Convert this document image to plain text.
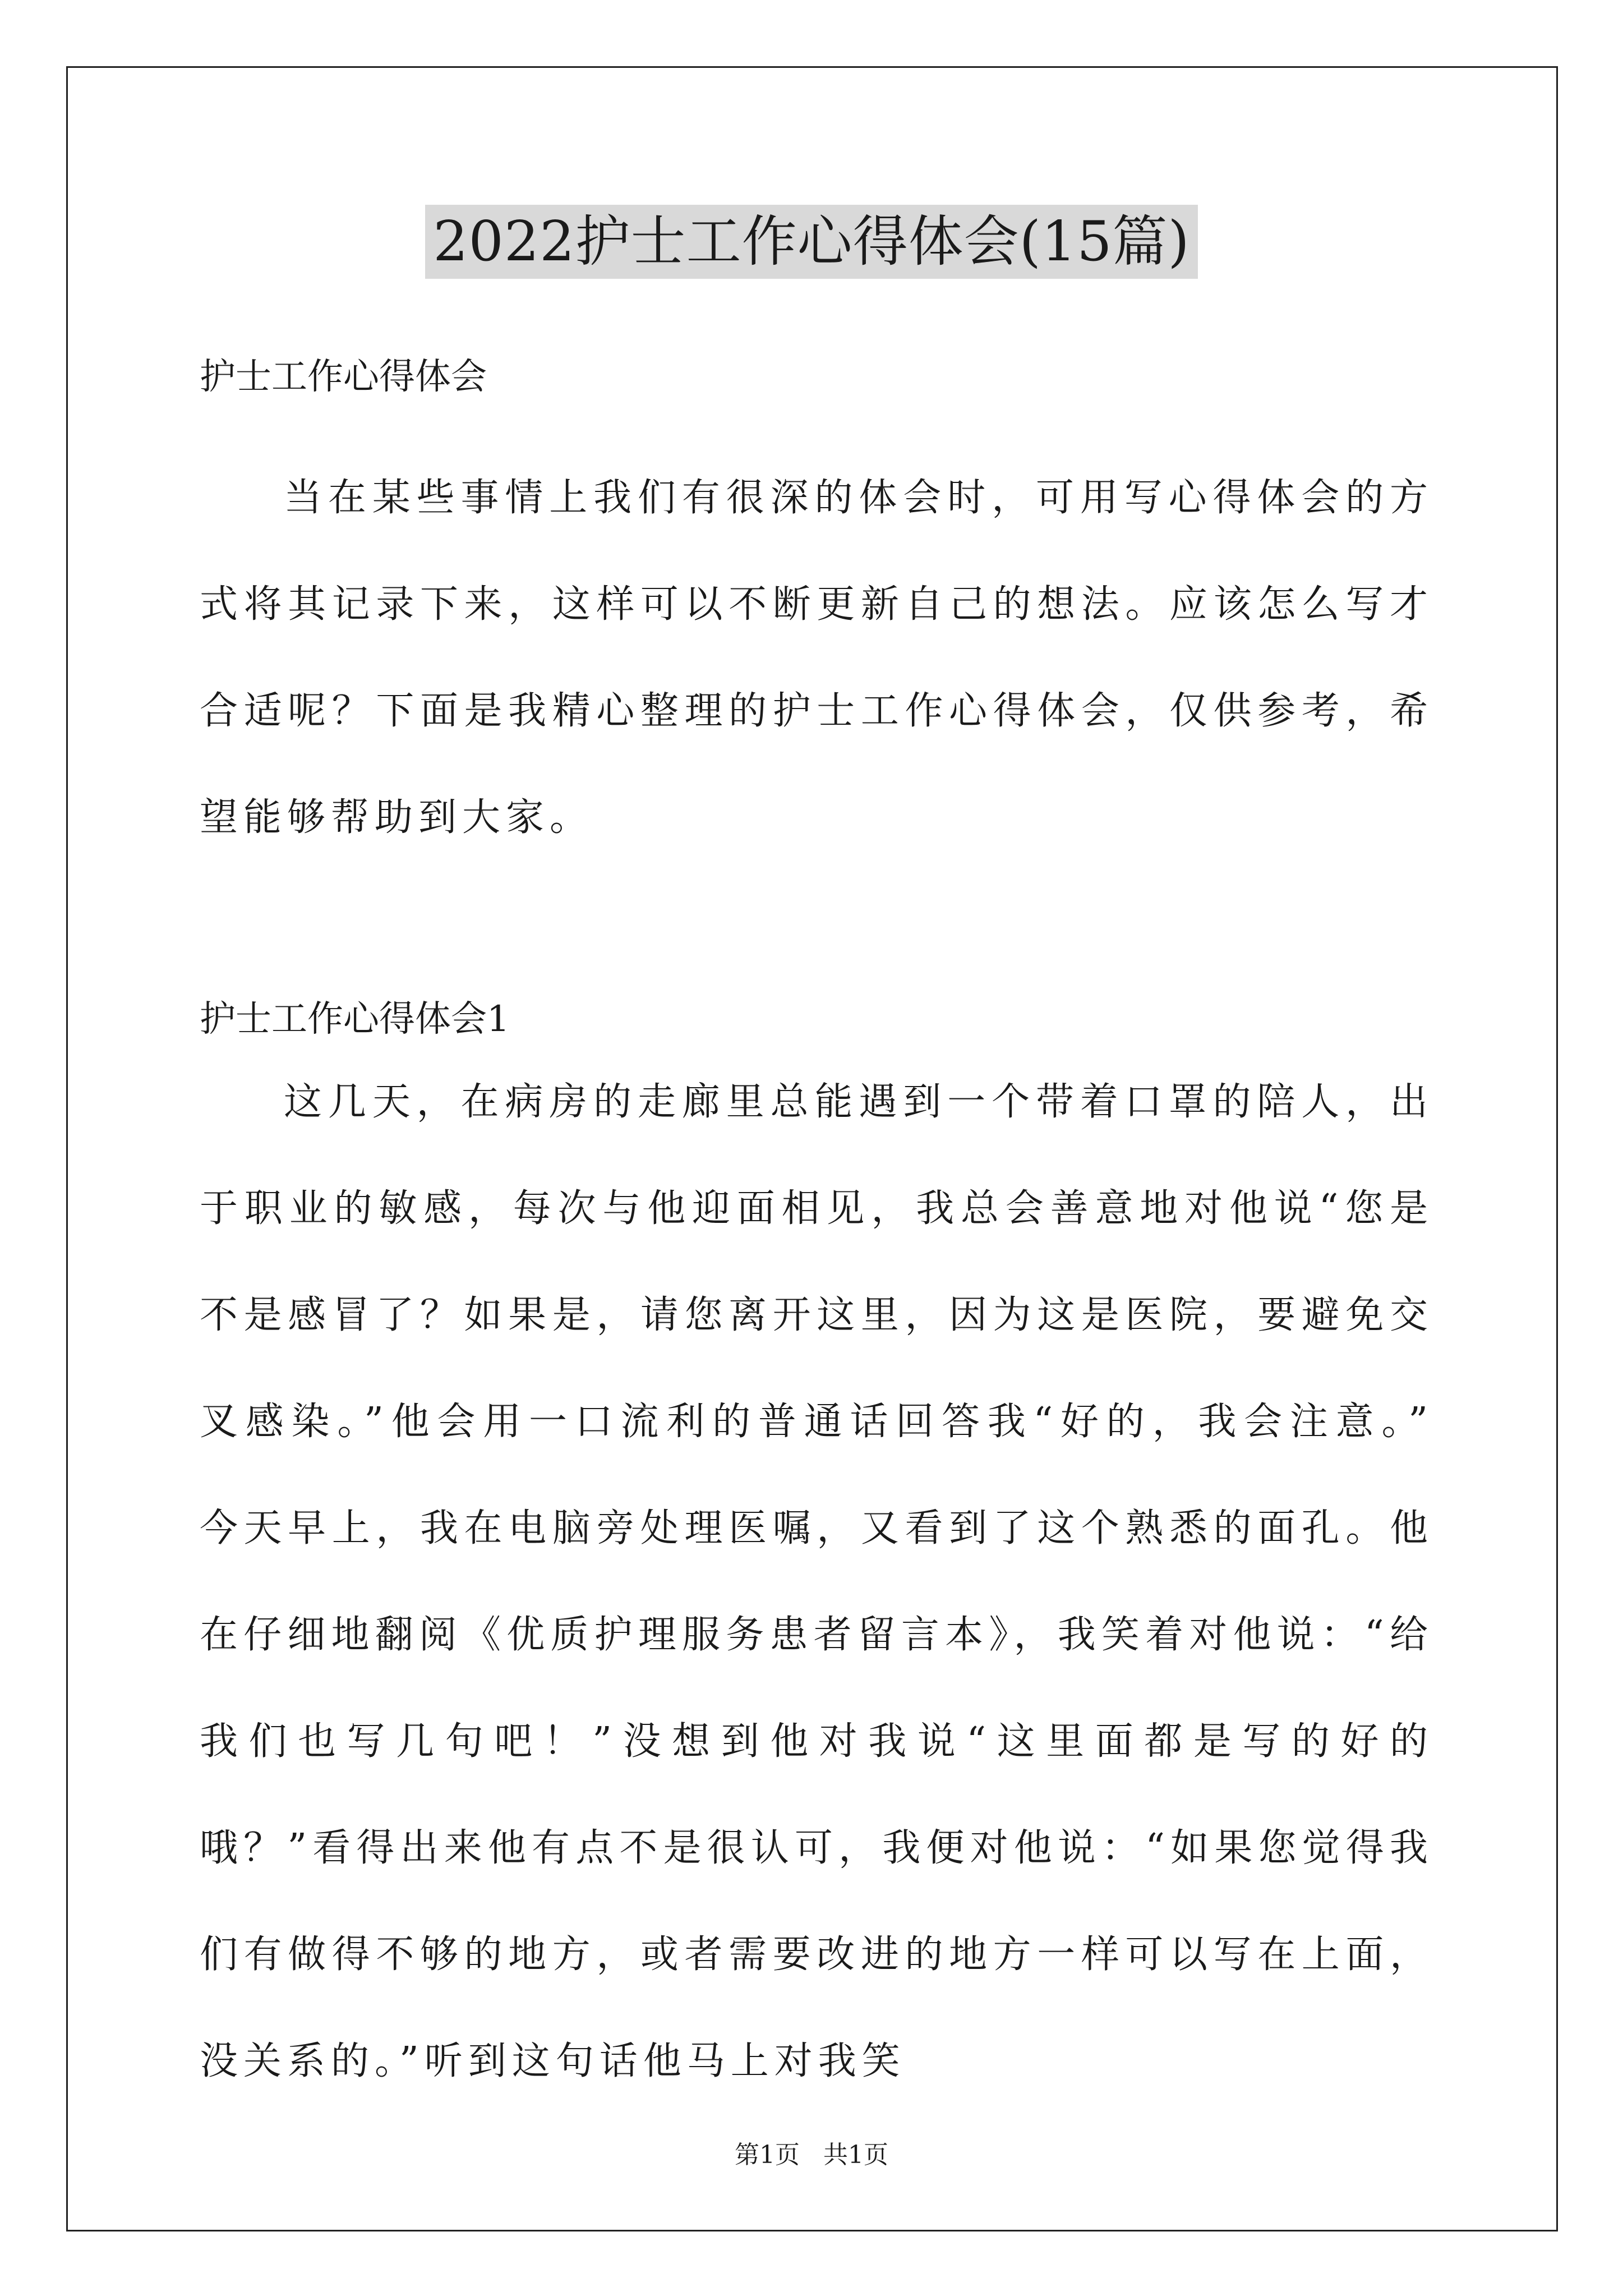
2022护士工作心得体会(15篇)
护士工作心得体会
当在某些事情上我们有很深的体会时，可用写心得体会的方式将其记录下来，这样可以不断更新自己的想法。应该怎么写才合适呢？下面是我精心整理的护士工作心得体会，仅供参考，希望能够帮助到大家。
护士工作心得体会1
这几天，在病房的走廊里总能遇到一个带着口罩的陪人，出于职业的敏感，每次与他迎面相见，我总会善意地对他说“您是不是感冒了？如果是，请您离开这里，因为这是医院，要避免交叉感染。”他会用一口流利的普通话回答我“好的，我会注意。”　今天早上，我在电脑旁处理医嘱，又看到了这个熟悉的面孔。他在仔细地翻阅《优质护理服务患者留言本》，我笑着对他说：“给我们也写几句吧！”没想到他对我说“这里面都是写的好的哦？”看得出来他有点不是很认可，我便对他说：“如果您觉得我们有做得不够的地方，或者需要改进的地方一样可以写在上面，没关系的。”听到这句话他马上对我笑
第1页 共1页
